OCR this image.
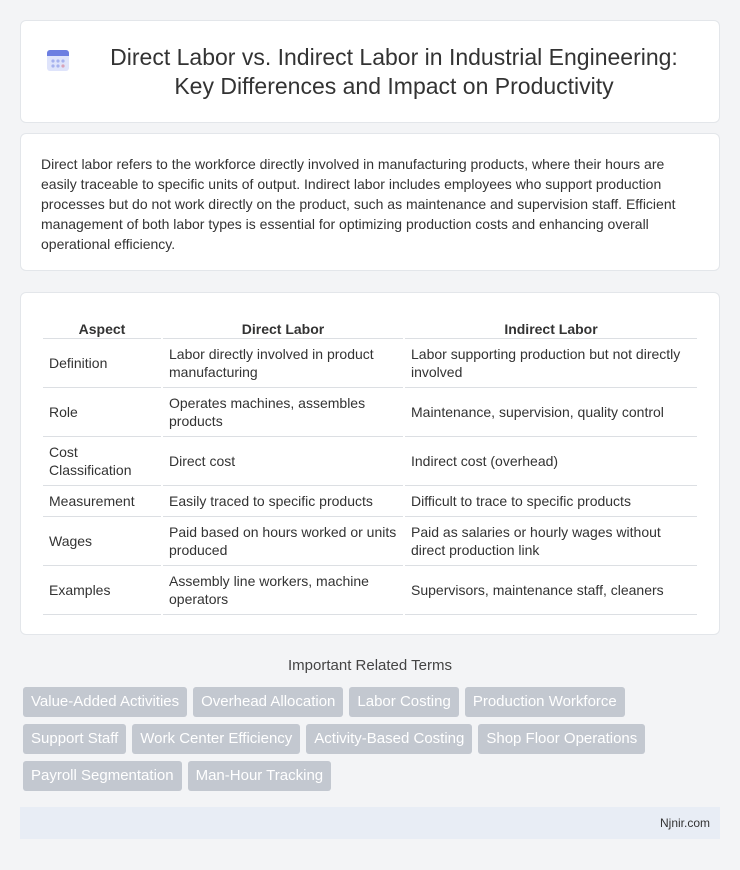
Direct Labor vs. Indirect Labor in Industrial Engineering: Key Differences and Impact on Productivity

Direct labor refers to the workforce directly involved in manufacturing products, where their hours are easily traceable to specific units of output. Indirect labor includes employees who support production processes but do not work directly on the product, such as maintenance and supervision staff. Efficient management of both labor types is essential for optimizing production costs and enhancing overall operational efficiency.

Aspect	Direct Labor	Indirect Labor
Definition	Labor directly involved in product manufacturing	Labor supporting production but not directly involved
Role	Operates machines, assembles products	Maintenance, supervision, quality control
Cost Classification	Direct cost	Indirect cost (overhead)
Measurement	Easily traced to specific products	Difficult to trace to specific products
Wages	Paid based on hours worked or units produced	Paid as salaries or hourly wages without direct production link
Examples	Assembly line workers, machine operators	Supervisors, maintenance staff, cleaners
Important Related Terms
Value-Added Activities	Overhead Allocation	Labor Costing	Production Workforce
Support Staff	Work Center Efficiency	Activity-Based Costing	Shop Floor Operations
Payroll Segmentation	Man-Hour Tracking
Njnir.com
